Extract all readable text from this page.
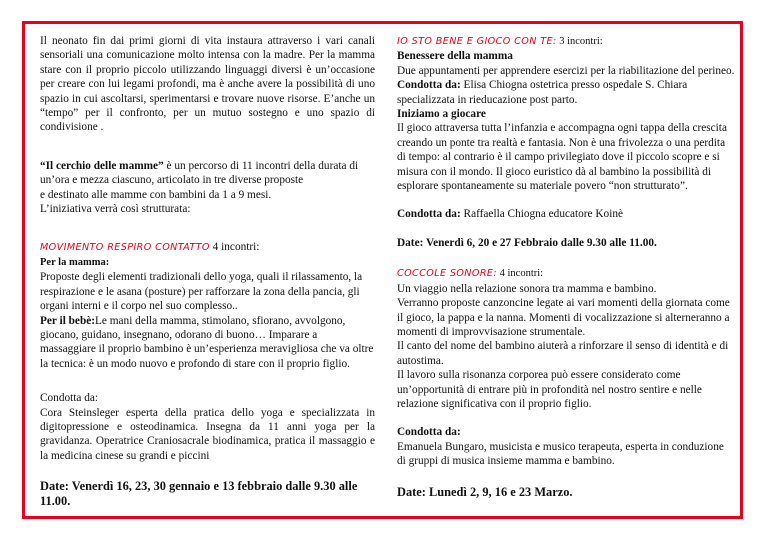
Il neonato fin dai primi giorni di vita instaura attraverso i vari canali sensoriali una comunicazione molto intensa con la madre. Per la mamma stare con il proprio piccolo utilizzando linguaggi diversi è un’occasione per creare con lui legami profondi, ma è anche avere la possibilità di uno spazio in cui ascoltarsi, sperimentarsi e trovare nuove risorse. E’anche un “tempo” per il confronto, per un mutuo sostegno e uno spazio di condivisione .

“Il cerchio delle mamme” è un percorso di 11 incontri della durata di

un’ora e mezza ciascuno, articolato in tre diverse proposte

e destinato alle mamme con bambini da 1 a 9 mesi.

L’iniziativa verrà così strutturata:

MOVIMENTO RESPIRO CONTATTO 4 incontri:

Per la mamma:

Proposte degli elementi tradizionali dello yoga, quali il rilassamento, la respirazione e le asana (posture) per rafforzare la zona della pancia, gli organi interni e il corpo nel suo complesso..

Per il bebè:Le mani della mamma, stimolano, sfiorano, avvolgono, giocano, guidano, insegnano, odorano di buono… Imparare a massaggiare il proprio bambino è un’esperienza meravigliosa che va oltre la tecnica: è un modo nuovo e profondo di stare con il proprio figlio.

Condotta da:

Cora Steinsleger esperta della pratica dello yoga e specializzata in digitopressione e osteodinamica. Insegna da 11 anni yoga per la gravidanza. Operatrice Craniosacrale biodinamica, pratica il massaggio e la medicina cinese su grandi e piccini

Date: Venerdì 16, 23, 30 gennaio e 13 febbraio dalle 9.30 alle 11.00.

IO STO BENE E GIOCO CON TE: 3 incontri:

Benessere della mamma

Due appuntamenti per apprendere esercizi per la riabilitazione del perineo.

Condotta da: Elisa Chiogna ostetrica presso ospedale S. Chiara specializzata in rieducazione post parto.

Iniziamo a giocare

Il gioco attraversa tutta l’infanzia e accompagna ogni tappa della crescita creando un ponte tra realtà e fantasia. Non è una frivolezza o una perdita di tempo: al contrario è il campo privilegiato dove il piccolo scopre e si misura con il mondo. Il gioco euristico dà al bambino la possibilità di esplorare spontaneamente su materiale povero “non strutturato”.

Condotta da: Raffaella Chiogna educatore Koinè

Date: Venerdì 6, 20 e 27 Febbraio dalle 9.30 alle 11.00.

COCCOLE SONORE: 4 incontri:

Un viaggio nella relazione sonora tra mamma e bambino.

Verranno proposte canzoncine legate ai vari momenti della giornata come il gioco, la pappa e la nanna. Momenti di vocalizzazione si alterneranno a momenti di improvvisazione strumentale.

Il canto del nome del bambino aiuterà a rinforzare il senso di identità e di autostima.

Il lavoro sulla risonanza corporea può essere considerato come un’opportunità di entrare più in profondità nel nostro sentire e nelle relazione significativa con il proprio figlio.

Condotta da:

Emanuela Bungaro, musicista e musico terapeuta, esperta in conduzione di gruppi di musica insieme mamma e bambino.

Date: Lunedì 2, 9, 16 e 23 Marzo.
